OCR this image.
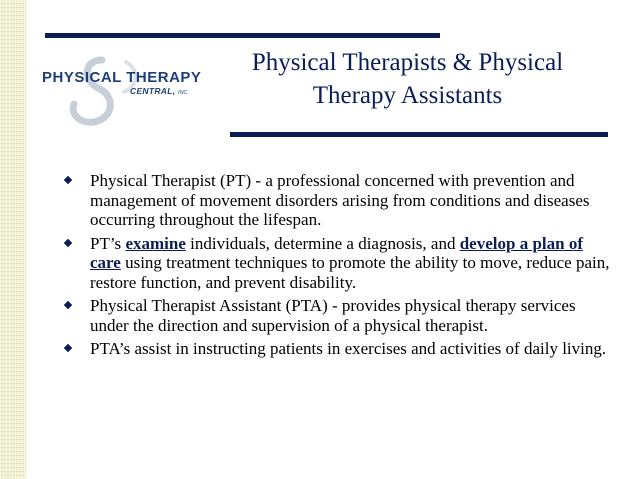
PHYSICAL THERAPY
CENTRAL, INC
Physical Therapists & Physical
Therapy Assistants
Physical Therapist (PT) - a professional concerned with prevention and management of movement disorders arising from conditions and diseases occurring throughout the lifespan.
PT’s examine individuals, determine a diagnosis, and develop a plan of care using treatment techniques to promote the ability to move, reduce pain, restore function, and prevent disability.
Physical Therapist Assistant (PTA) - provides physical therapy services under the direction and supervision of a physical therapist.
PTA’s assist in instructing patients in exercises and activities of daily living.
